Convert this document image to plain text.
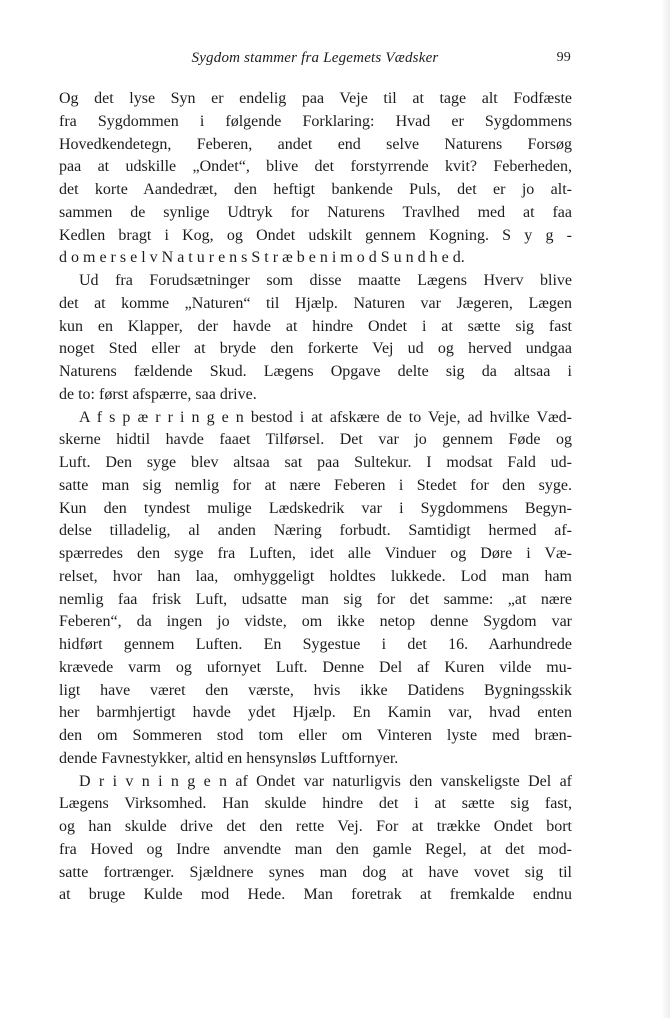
Sygdom stammer fra Legemets Vædsker	99
Og det lyse Syn er endelig paa Veje til at tage alt Fodfæste
fra Sygdommen i følgende Forklaring: Hvad er Sygdommens
Hovedkendetegn, Feberen, andet end selve Naturens Forsøg
paa at udskille „Ondet“, blive det forstyrrende kvit? Feberheden,
det korte Aandedræt, den heftigt bankende Puls, det er jo alt-
sammen de synlige Udtryk for Naturens Travlhed med at faa
Kedlen bragt i Kog, og Ondet udskilt gennem Kogning. S y g -
d o m e r s e l v N a t u r e n s S t r æ b e n i m o d S u n d h e d.
Ud fra Forudsætninger som disse maatte Lægens Hverv blive
det at komme „Naturen“ til Hjælp. Naturen var Jægeren, Lægen
kun en Klapper, der havde at hindre Ondet i at sætte sig fast
noget Sted eller at bryde den forkerte Vej ud og herved undgaa
Naturens fældende Skud. Lægens Opgave delte sig da altsaa i
de to: først afspærre, saa drive.
A f s p æ r r i n g e n bestod i at afskære de to Veje, ad hvilke Væd-
skerne hidtil havde faaet Tilførsel. Det var jo gennem Føde og
Luft. Den syge blev altsaa sat paa Sultekur. I modsat Fald ud-
satte man sig nemlig for at nære Feberen i Stedet for den syge.
Kun den tyndest mulige Lædskedrik var i Sygdommens Begyn-
delse tilladelig, al anden Næring forbudt. Samtidigt hermed af-
spærredes den syge fra Luften, idet alle Vinduer og Døre i Væ-
relset, hvor han laa, omhyggeligt holdtes lukkede. Lod man ham
nemlig faa frisk Luft, udsatte man sig for det samme: „at nære
Feberen“, da ingen jo vidste, om ikke netop denne Sygdom var
hidført gennem Luften. En Sygestue i det 16. Aarhundrede
krævede varm og ufornyet Luft. Denne Del af Kuren vilde mu-
ligt have været den værste, hvis ikke Datidens Bygningsskik
her barmhjertigt havde ydet Hjælp. En Kamin var, hvad enten
den om Sommeren stod tom eller om Vinteren lyste med bræn-
dende Favnestykker, altid en hensynsløs Luftfornyer.
D r i v n i n g e n af Ondet var naturligvis den vanskeligste Del af
Lægens Virksomhed. Han skulde hindre det i at sætte sig fast,
og han skulde drive det den rette Vej. For at trække Ondet bort
fra Hoved og Indre anvendte man den gamle Regel, at det mod-
satte fortrænger. Sjældnere synes man dog at have vovet sig til
at bruge Kulde mod Hede. Man foretrak at fremkalde endnu
